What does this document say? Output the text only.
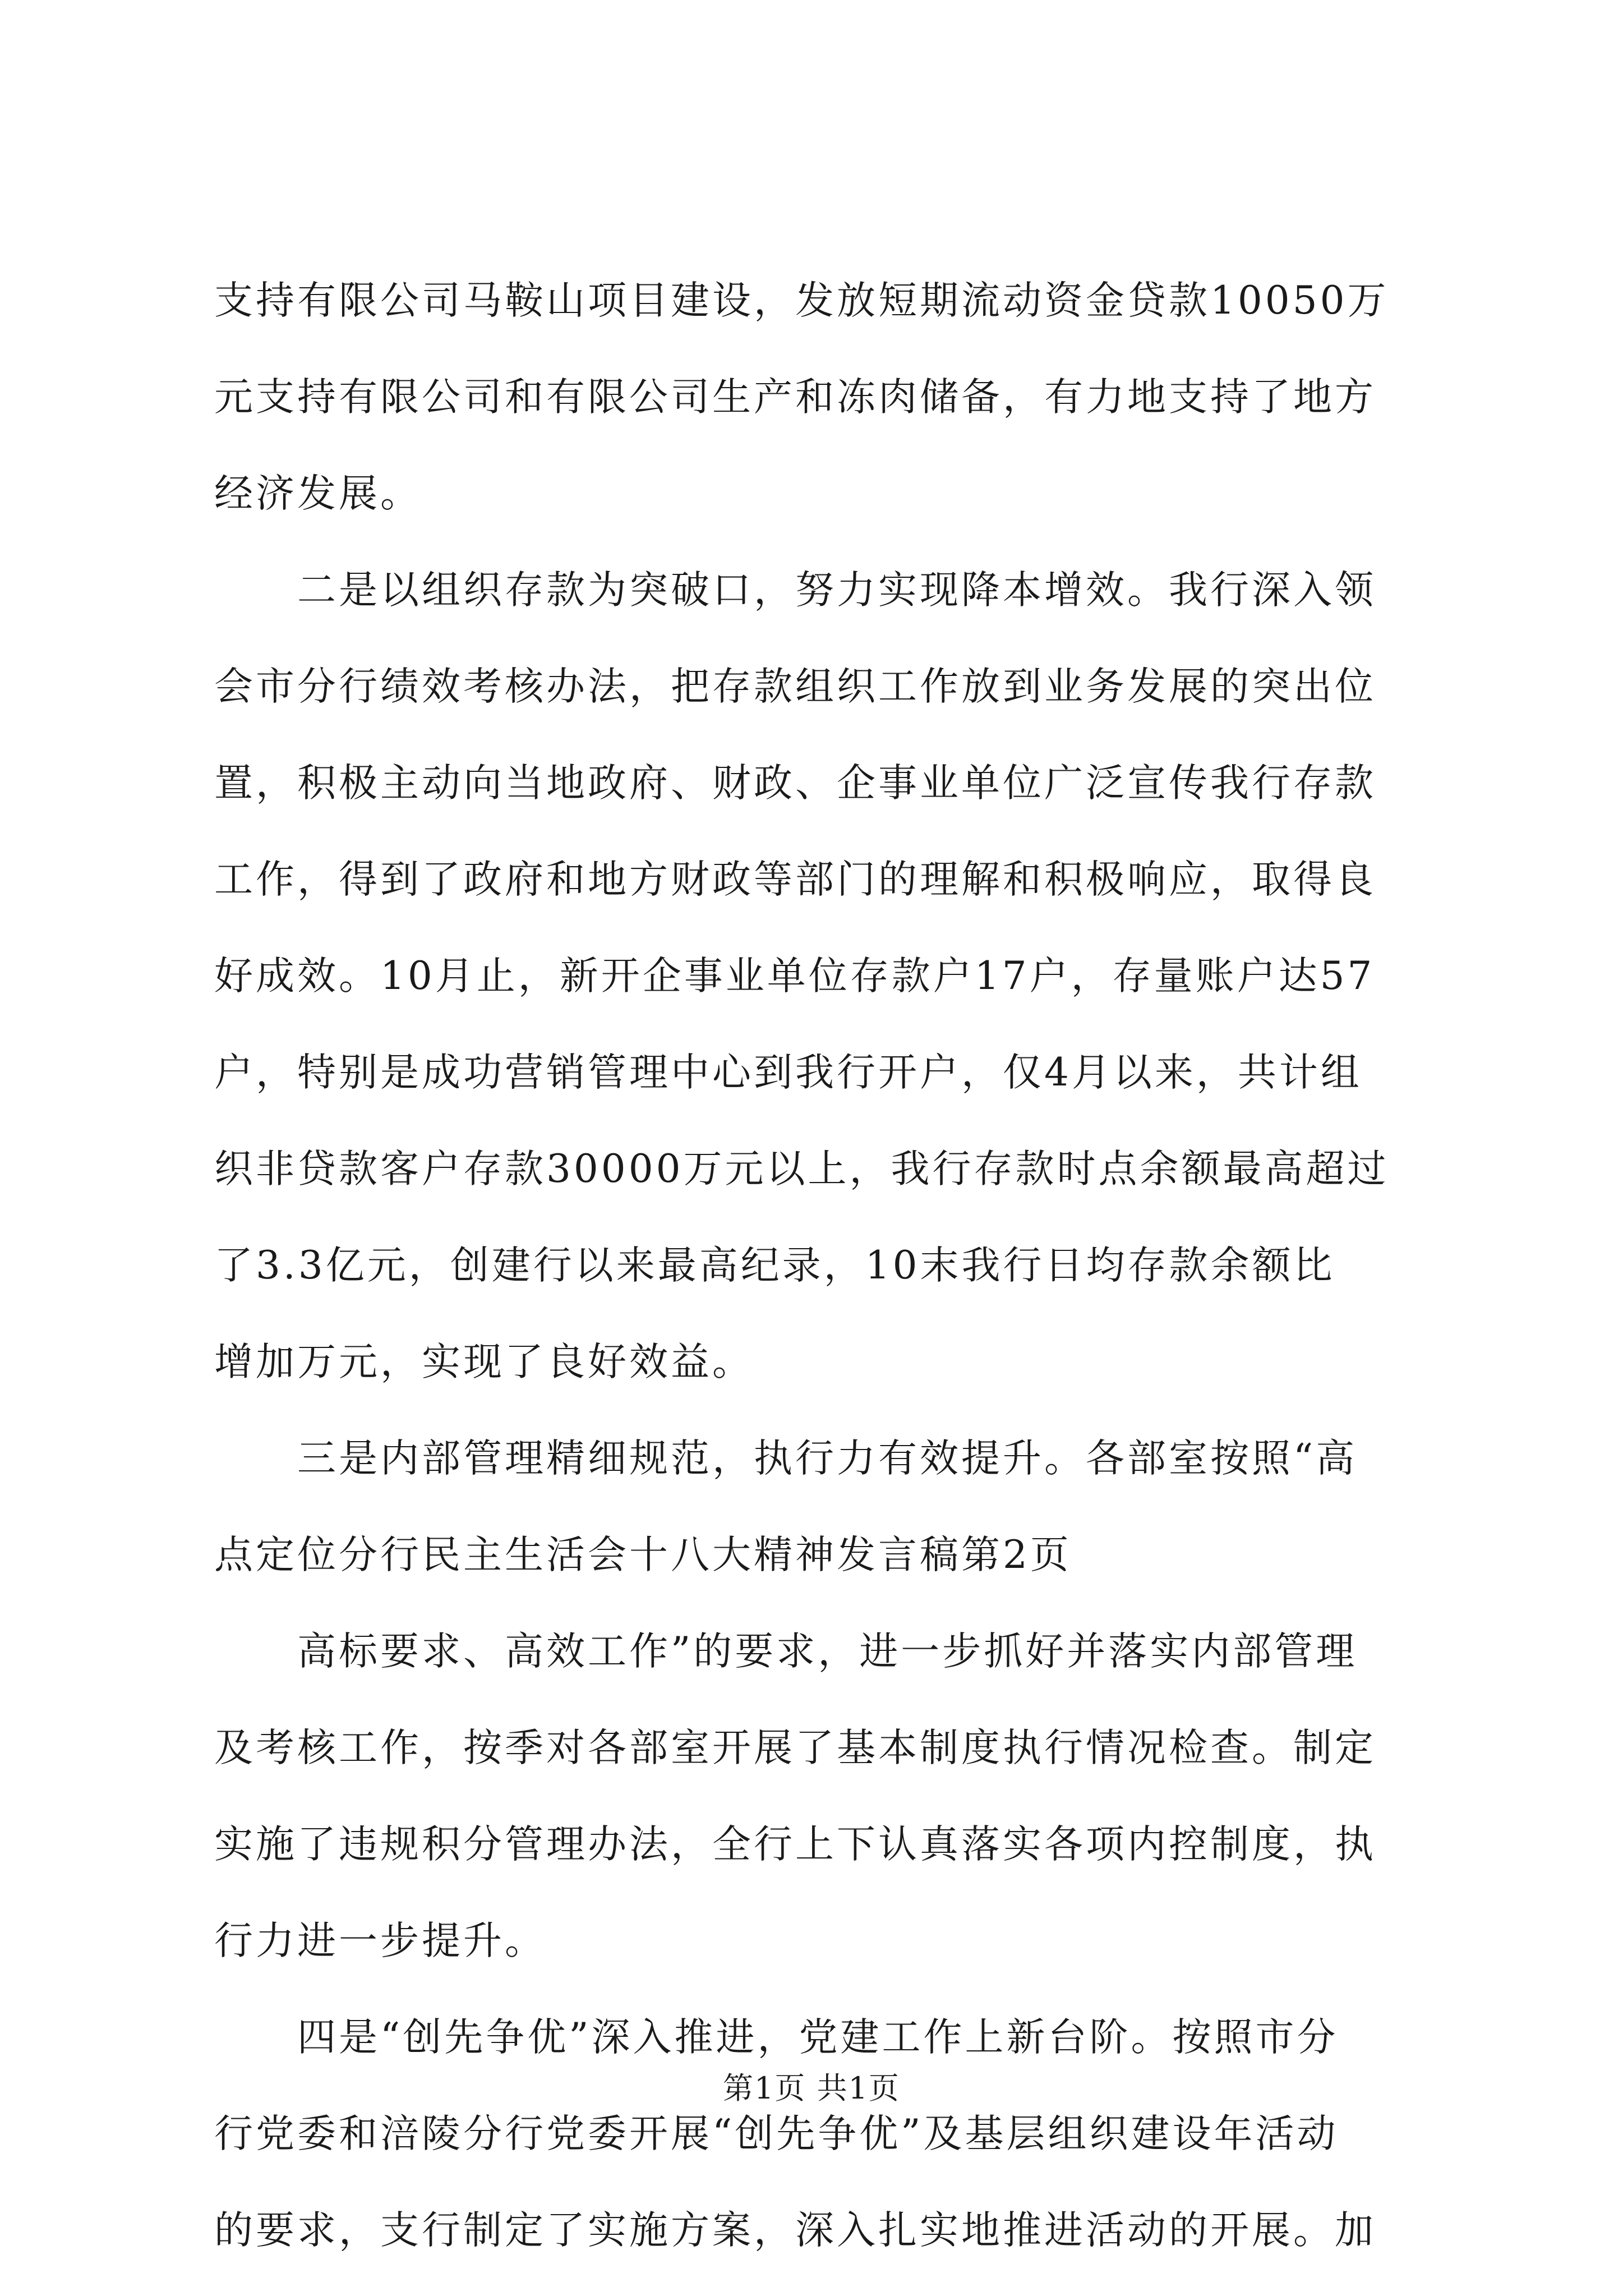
支持有限公司马鞍山项目建设，发放短期流动资金贷款10050万
元支持有限公司和有限公司生产和冻肉储备，有力地支持了地方
经济发展。
二是以组织存款为突破口，努力实现降本增效。我行深入领
会市分行绩效考核办法，把存款组织工作放到业务发展的突出位
置，积极主动向当地政府、财政、企事业单位广泛宣传我行存款
工作，得到了政府和地方财政等部门的理解和积极响应，取得良
好成效。10月止，新开企事业单位存款户17户，存量账户达57
户，特别是成功营销管理中心到我行开户，仅4月以来，共计组
织非贷款客户存款30000万元以上，我行存款时点余额最高超过
了3.3亿元，创建行以来最高纪录，10末我行日均存款余额比
增加万元，实现了良好效益。
三是内部管理精细规范，执行力有效提升。各部室按照“高
点定位分行民主生活会十八大精神发言稿第2页
高标要求、高效工作”的要求，进一步抓好并落实内部管理
及考核工作，按季对各部室开展了基本制度执行情况检查。制定
实施了违规积分管理办法，全行上下认真落实各项内控制度，执
行力进一步提升。
四是“创先争优”深入推进，党建工作上新台阶。按照市分
行党委和涪陵分行党委开展“创先争优”及基层组织建设年活动
的要求，支行制定了实施方案，深入扎实地推进活动的开展。加
第1页 共1页
